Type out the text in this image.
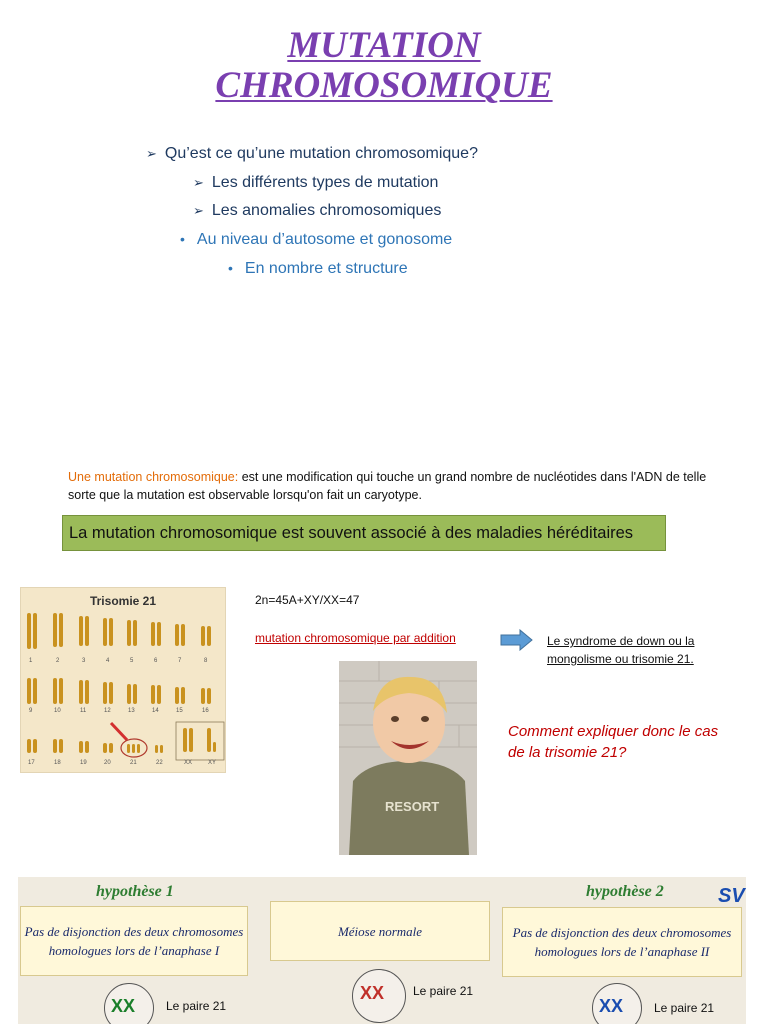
MUTATION
CHROMOSOMIQUE
➢ Qu’est ce qu’une mutation chromosomique?
➢ Les différents types de mutation
➢ Les anomalies chromosomiques
• Au niveau d’autosome et gonosome
• En nombre et structure
Une mutation chromosomique: est une modification qui touche un grand nombre de nucléotides dans l'ADN de telle sorte que la mutation est observable lorsqu'on fait un caryotype.
La mutation chromosomique est souvent associé à des maladies héréditaires
Trisomie 21
1	2	3	4	5	6	7	8
9	10	11	12	13	14	15	16
17	18	19	20	21	22	XX	XY
2n=45A+XY/XX=47
mutation chromosomique par addition	Le syndrome de down ou la mongolisme ou trisomie 21.
RESORT
Comment expliquer donc le cas de la trisomie 21?
hypothèse 1	hypothèse 2	SV
Pas de disjonction des deux chromosomes homologues lors de l’anaphase I
Méiose normale	Pas de disjonction des deux chromosomes homologues lors de l’anaphase II
XX	Le paire 21
XX Le paire 21
XX	Le paire 21
